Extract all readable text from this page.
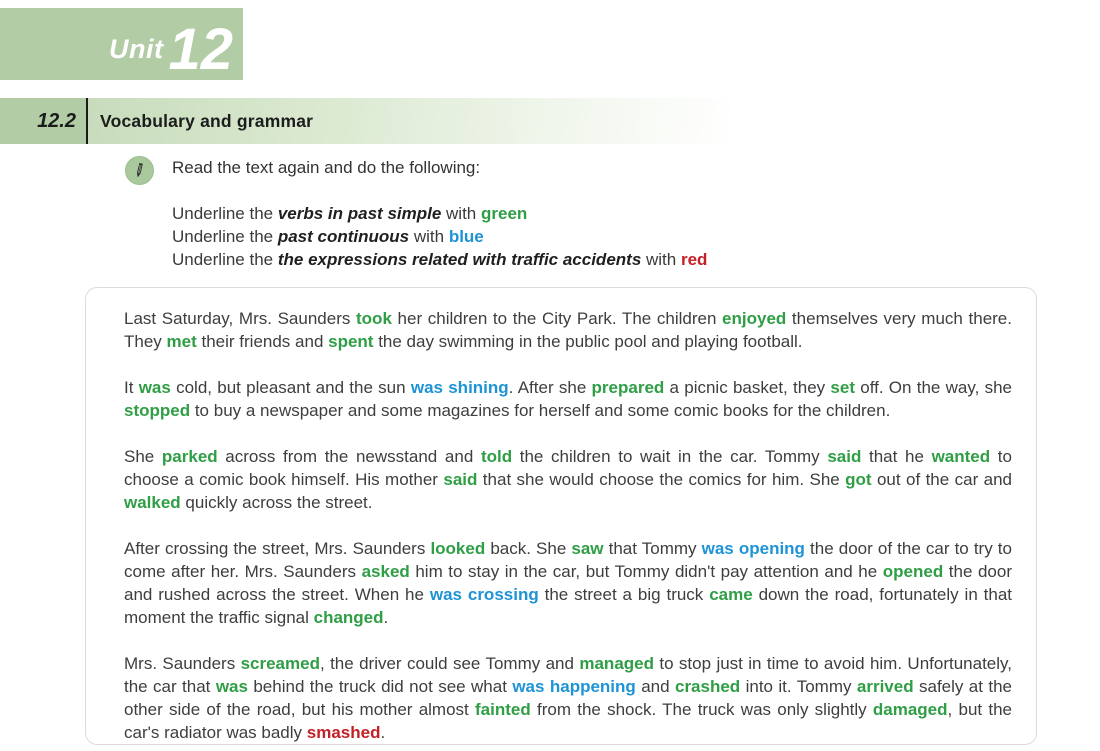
Unit 12
12.2	Vocabulary and grammar
Read the text again and do the following:
Underline the verbs in past simple with green
Underline the past continuous with blue
Underline the the expressions related with traffic accidents with red

Last Saturday, Mrs. Saunders took her children to the City Park. The children enjoyed themselves very much there. They met their friends and spent the day swimming in the public pool and playing football.

It was cold, but pleasant and the sun was shining. After she prepared a picnic basket, they set off. On the way, she stopped to buy a newspaper and some magazines for herself and some comic books for the children.

She parked across from the newsstand and told the children to wait in the car. Tommy said that he wanted to choose a comic book himself. His mother said that she would choose the comics for him. She got out of the car and walked quickly across the street.

After crossing the street, Mrs. Saunders looked back. She saw that Tommy was opening the door of the car to try to come after her. Mrs. Saunders asked him to stay in the car, but Tommy didn't pay attention and he opened the door and rushed across the street. When he was crossing the street a big truck came down the road, fortunately in that moment the traffic signal changed.

Mrs. Saunders screamed, the driver could see Tommy and managed to stop just in time to avoid him. Unfortunately, the car that was behind the truck did not see what was happening and crashed into it. Tommy arrived safely at the other side of the road, but his mother almost fainted from the shock. The truck was only slightly damaged, but the car's radiator was badly smashed.
